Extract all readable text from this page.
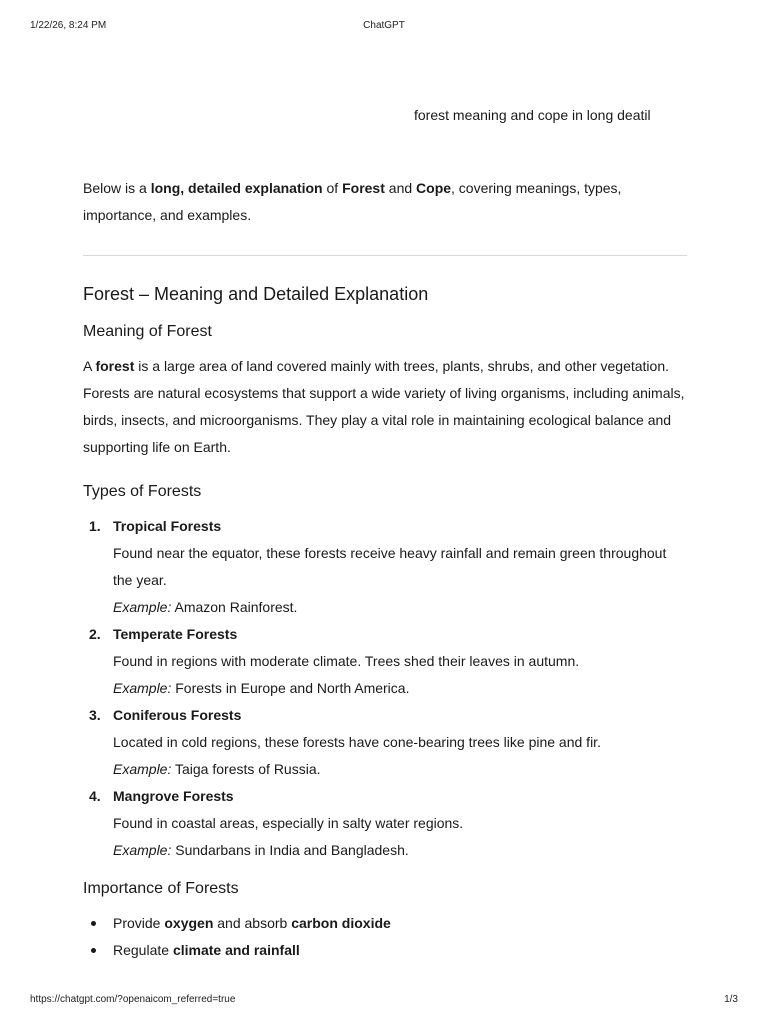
1/22/26, 8:24 PM	ChatGPT
forest meaning and cope in long deatil

Below is a long, detailed explanation of Forest and Cope, covering meanings, types, importance, and examples.

Forest – Meaning and Detailed Explanation
Meaning of Forest

A forest is a large area of land covered mainly with trees, plants, shrubs, and other vegetation. Forests are natural ecosystems that support a wide variety of living organisms, including animals, birds, insects, and microorganisms. They play a vital role in maintaining ecological balance and supporting life on Earth.

Types of Forests
1. Tropical Forests
Found near the equator, these forests receive heavy rainfall and remain green throughout the year.
Example: Amazon Rainforest.
2. Temperate Forests
Found in regions with moderate climate. Trees shed their leaves in autumn.
Example: Forests in Europe and North America.
3. Coniferous Forests
Located in cold regions, these forests have cone-bearing trees like pine and fir.
Example: Taiga forests of Russia.
4. Mangrove Forests
Found in coastal areas, especially in salty water regions.
Example: Sundarbans in India and Bangladesh.
Importance of Forests
Provide oxygen and absorb carbon dioxide
Regulate climate and rainfall
https://chatgpt.com/?openaicom_referred=true	1/3
